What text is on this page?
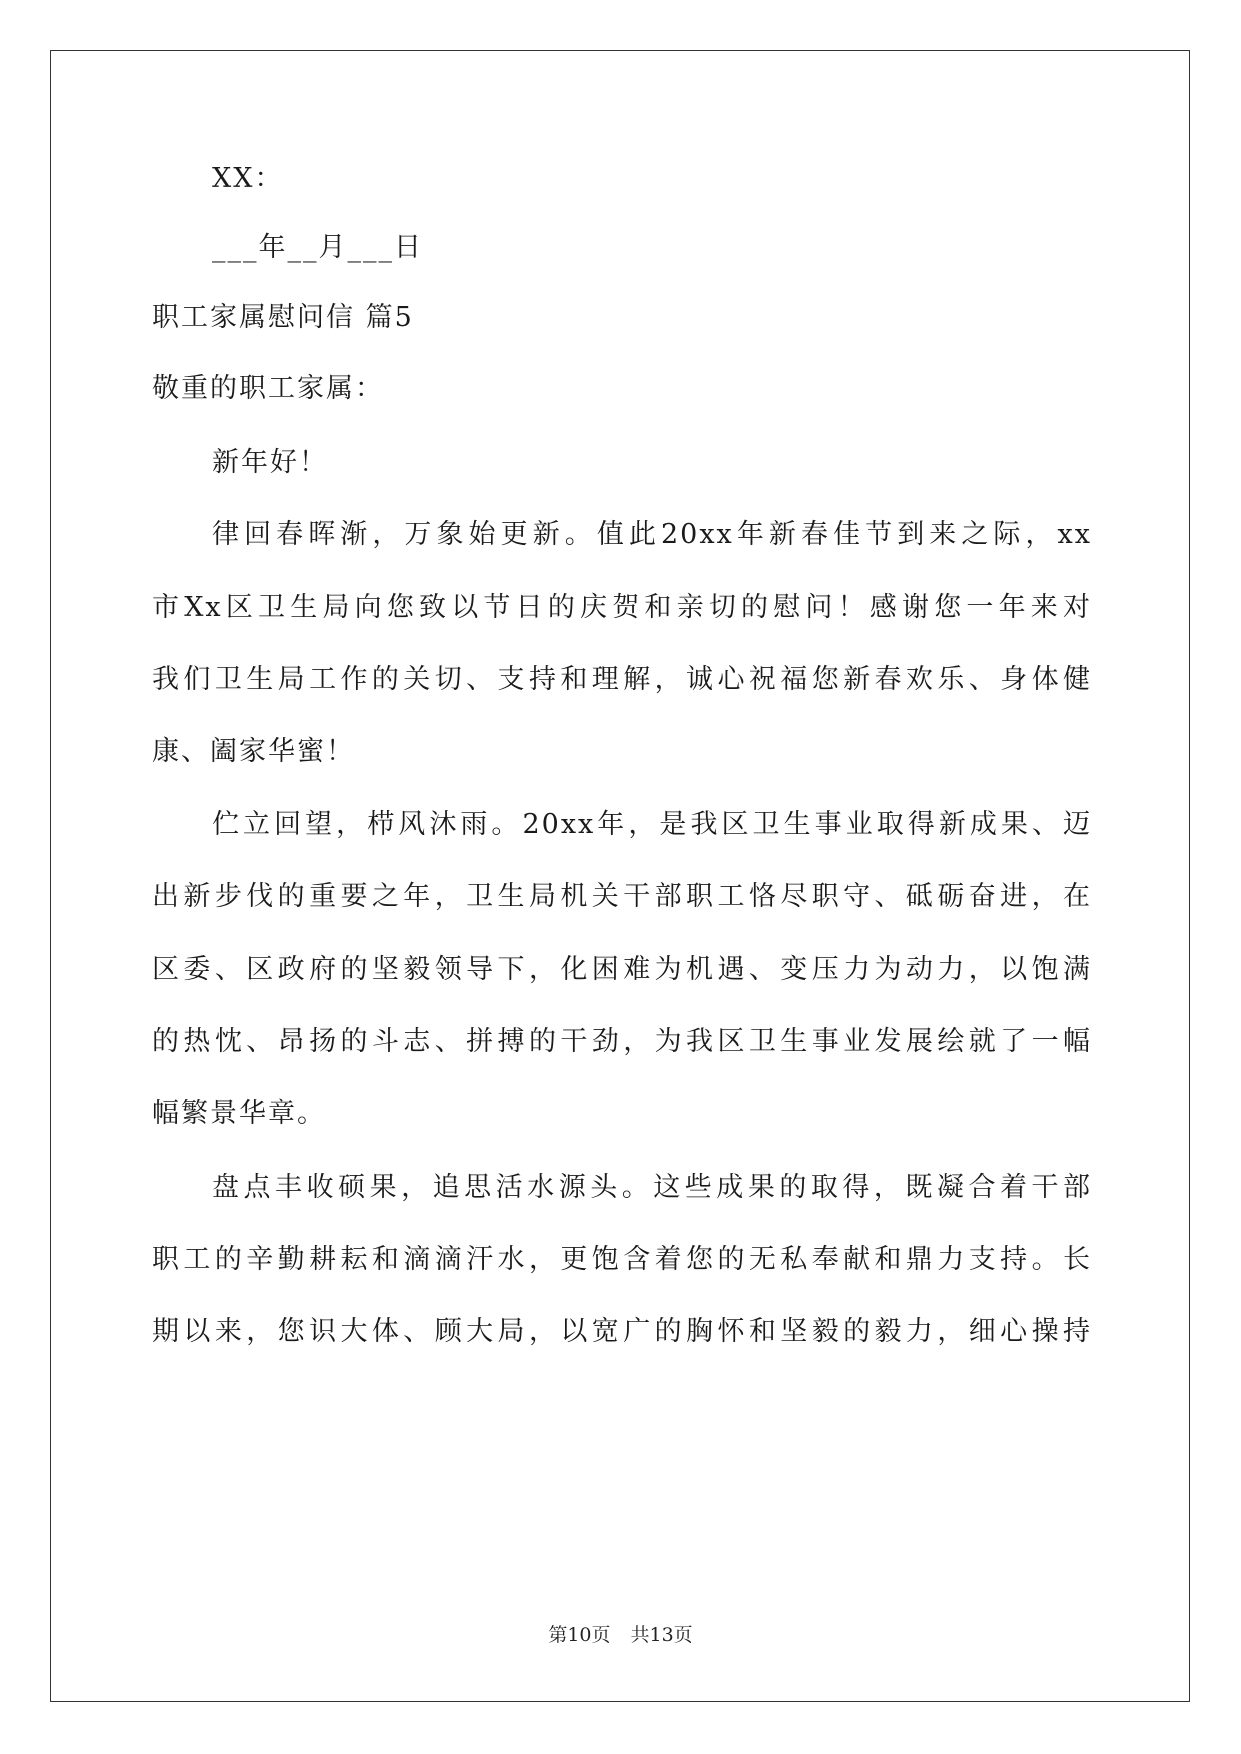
XX：
___年__月___日
职工家属慰问信 篇5
敬重的职工家属：
新年好！
律回春晖渐，万象始更新。值此20xx年新春佳节到来之际，xx
市Xx区卫生局向您致以节日的庆贺和亲切的慰问！感谢您一年来对
我们卫生局工作的关切、支持和理解，诚心祝福您新春欢乐、身体健
康、阖家华蜜！
伫立回望，栉风沐雨。20xx年，是我区卫生事业取得新成果、迈
出新步伐的重要之年，卫生局机关干部职工恪尽职守、砥砺奋进，在
区委、区政府的坚毅领导下，化困难为机遇、变压力为动力，以饱满
的热忱、昂扬的斗志、拼搏的干劲，为我区卫生事业发展绘就了一幅
幅繁景华章。
盘点丰收硕果，追思活水源头。这些成果的取得，既凝合着干部
职工的辛勤耕耘和滴滴汗水，更饱含着您的无私奉献和鼎力支持。长
期以来，您识大体、顾大局，以宽广的胸怀和坚毅的毅力，细心操持
第10页 共13页
